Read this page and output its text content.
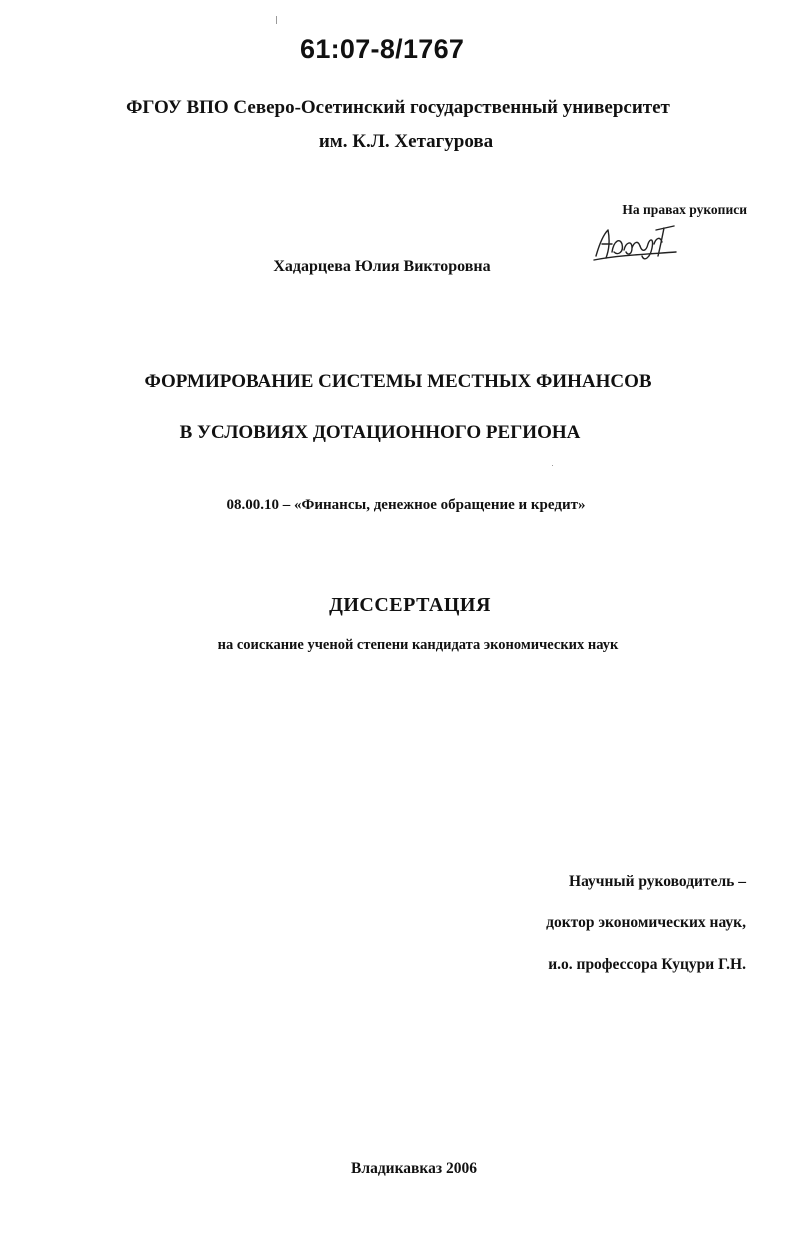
61:07-8/1767
ФГОУ ВПО Северо-Осетинский государственный университет
им. К.Л. Хетагурова
На правах рукописи
Хадарцева Юлия Викторовна
ФОРМИРОВАНИЕ СИСТЕМЫ МЕСТНЫХ ФИНАНСОВ
В УСЛОВИЯХ ДОТАЦИОННОГО РЕГИОНА
08.00.10 – «Финансы, денежное обращение и кредит»
ДИССЕРТАЦИЯ
на соискание ученой степени кандидата экономических наук
Научный руководитель –
доктор экономических наук,
и.о. профессора Куцури Г.Н.
Владикавказ 2006
